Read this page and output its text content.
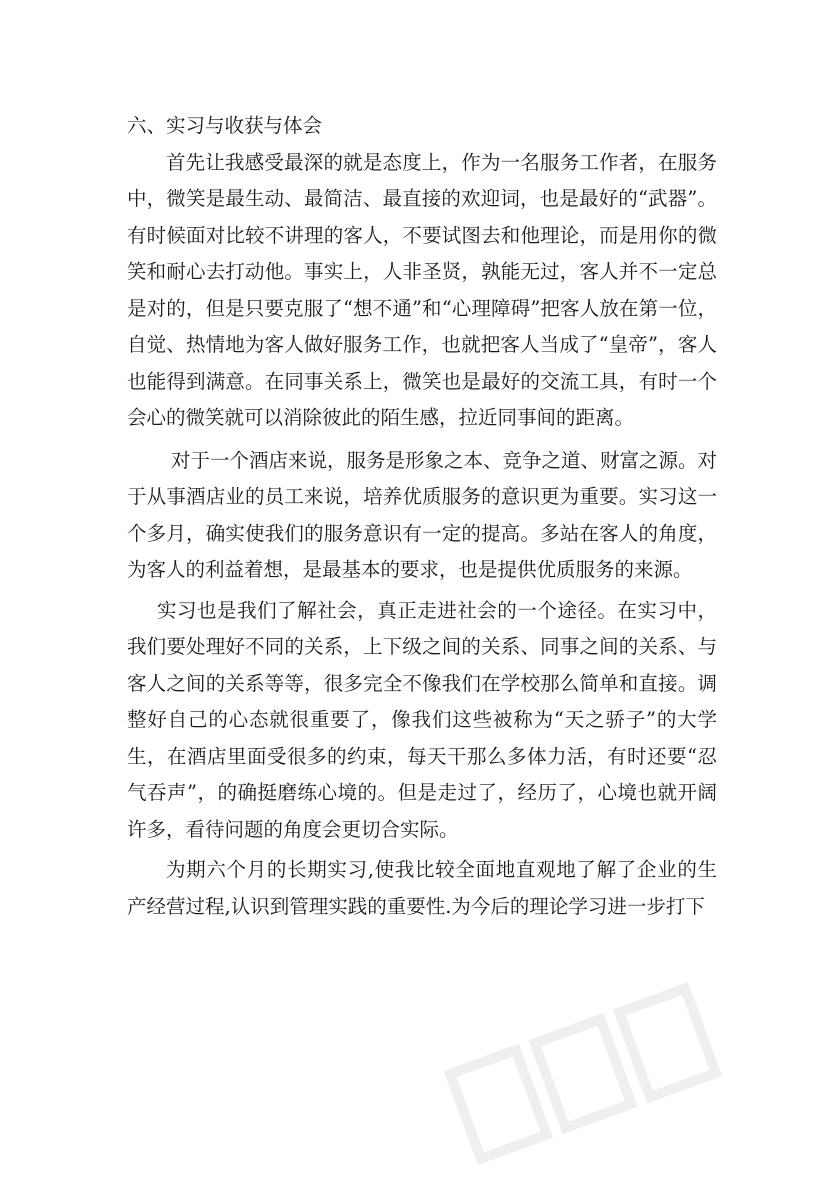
六、实习与收获与体会

首先让我感受最深的就是态度上，作为一名服务工作者，在服务中，微笑是最生动、最简洁、最直接的欢迎词，也是最好的“武器”。有时候面对比较不讲理的客人，不要试图去和他理论，而是用你的微笑和耐心去打动他。事实上，人非圣贤，孰能无过，客人并不一定总是对的，但是只要克服了“想不通”和“心理障碍”把客人放在第一位，自觉、热情地为客人做好服务工作，也就把客人当成了“皇帝”，客人也能得到满意。在同事关系上，微笑也是最好的交流工具，有时一个会心的微笑就可以消除彼此的陌生感，拉近同事间的距离。

对于一个酒店来说，服务是形象之本、竞争之道、财富之源。对于从事酒店业的员工来说，培养优质服务的意识更为重要。实习这一个多月，确实使我们的服务意识有一定的提高。多站在客人的角度，为客人的利益着想，是最基本的要求，也是提供优质服务的来源。

实习也是我们了解社会，真正走进社会的一个途径。在实习中，我们要处理好不同的关系，上下级之间的关系、同事之间的关系、与客人之间的关系等等，很多完全不像我们在学校那么简单和直接。调整好自己的心态就很重要了，像我们这些被称为“天之骄子”的大学生，在酒店里面受很多的约束，每天干那么多体力活，有时还要“忍气吞声”，的确挺磨练心境的。但是走过了，经历了，心境也就开阔许多，看待问题的角度会更切合实际。

为期六个月的长期实习,使我比较全面地直观地了解了企业的生产经营过程,认识到管理实践的重要性.为今后的理论学习进一步打下
